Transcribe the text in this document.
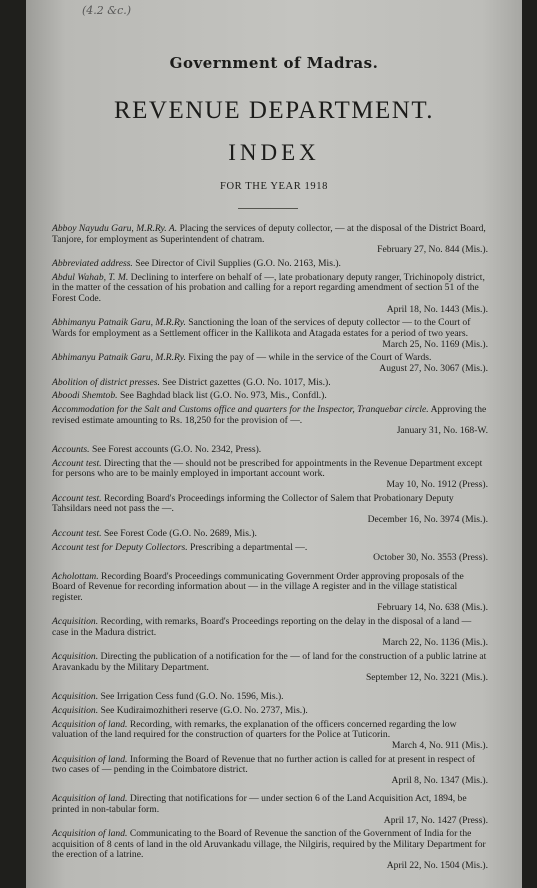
(4.2 &c.)
Government of Madras.
REVENUE DEPARTMENT.
INDEX
FOR THE YEAR 1918

Abboy Nayudu Garu, M.R.Ry. A. Placing the services of deputy collector, — at the disposal of the District Board, Tanjore, for employment as Superintendent of chatram.
February 27, No. 844 (Mis.).

Abbreviated address. See Director of Civil Supplies (G.O. No. 2163, Mis.).

Abdul Wahab, T. M. Declining to interfere on behalf of —, late probationary deputy ranger, Trichinopoly district, in the matter of the cessation of his probation and calling for a report regarding amendment of section 51 of the Forest Code.
April 18, No. 1443 (Mis.).

Abhimanyu Patnaik Garu, M.R.Ry. Sanctioning the loan of the services of deputy collector — to the Court of Wards for employment as a Settlement officer in the Kallikota and Atagada estates for a period of two years.
March 25, No. 1169 (Mis.).

Abhimanyu Patnaik Garu, M.R.Ry. Fixing the pay of — while in the service of the Court of Wards.
August 27, No. 3067 (Mis.).

Abolition of district presses. See District gazettes (G.O. No. 1017, Mis.).

Aboodi Shemtob. See Baghdad black list (G.O. No. 973, Mis., Confdl.).

Accommodation for the Salt and Customs office and quarters for the Inspector, Tranquebar circle. Approving the revised estimate amounting to Rs. 18,250 for the provision of —.
January 31, No. 168-W.

Accounts. See Forest accounts (G.O. No. 2342, Press).

Account test. Directing that the — should not be prescribed for appointments in the Revenue Department except for persons who are to be mainly employed in important account work.
May 10, No. 1912 (Press).

Account test. Recording Board's Proceedings informing the Collector of Salem that Probationary Deputy Tahsildars need not pass the —.
December 16, No. 3974 (Mis.).

Account test. See Forest Code (G.O. No. 2689, Mis.).

Account test for Deputy Collectors. Prescribing a departmental —.
October 30, No. 3553 (Press).

Acholottam. Recording Board's Proceedings communicating Government Order approving proposals of the Board of Revenue for recording information about — in the village A register and in the village statistical register.
February 14, No. 638 (Mis.).

Acquisition. Recording, with remarks, Board's Proceedings reporting on the delay in the disposal of a land — case in the Madura district.
March 22, No. 1136 (Mis.).

Acquisition. Directing the publication of a notification for the — of land for the construction of a public latrine at Aravankadu by the Military Department.
September 12, No. 3221 (Mis.).

Acquisition. See Irrigation Cess fund (G.O. No. 1596, Mis.).

Acquisition. See Kudiraimozhitheri reserve (G.O. No. 2737, Mis.).

Acquisition of land. Recording, with remarks, the explanation of the officers concerned regarding the low valuation of the land required for the construction of quarters for the Police at Tuticorin.
March 4, No. 911 (Mis.).

Acquisition of land. Informing the Board of Revenue that no further action is called for at present in respect of two cases of — pending in the Coimbatore district.
April 8, No. 1347 (Mis.).

Acquisition of land. Directing that notifications for — under section 6 of the Land Acquisition Act, 1894, be printed in non-tabular form.
April 17, No. 1427 (Press).

Acquisition of land. Communicating to the Board of Revenue the sanction of the Government of India for the acquisition of 8 cents of land in the old Aruvankadu village, the Nilgiris, required by the Military Department for the erection of a latrine.
April 22, No. 1504 (Mis.).
